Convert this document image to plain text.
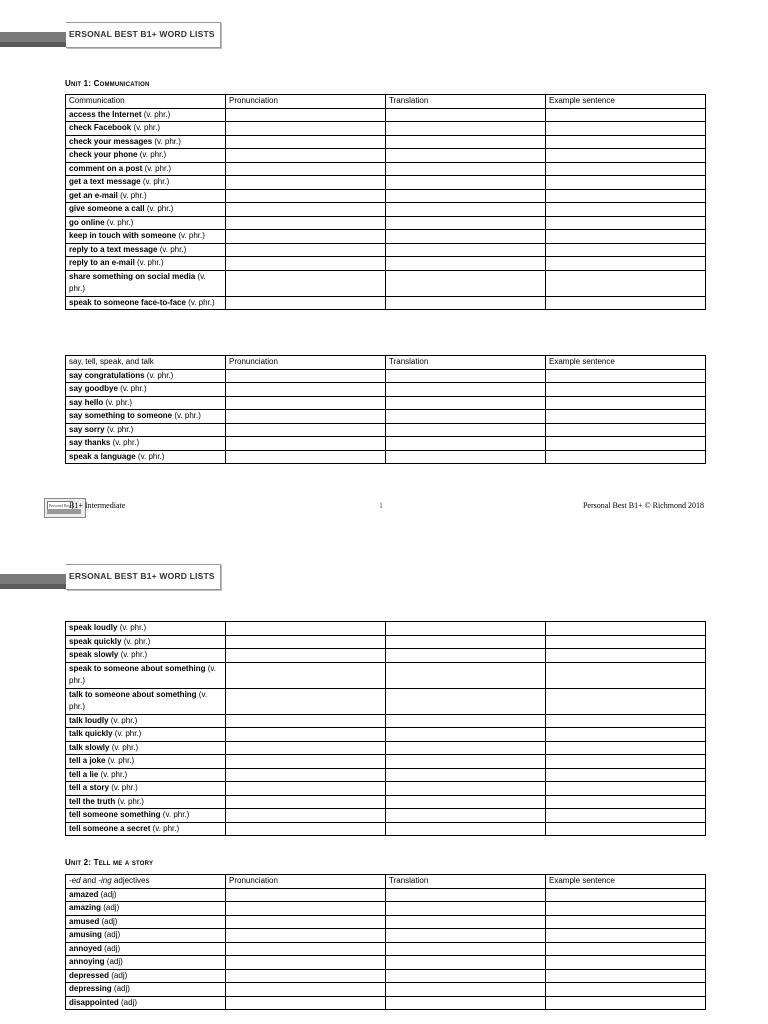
ERSONAL BEST B1+ WORD LISTS
Unit 1: Communication
Communication	Pronunciation	Translation	Example sentence
access the Internet (v. phr.)			
check Facebook (v. phr.)			
check your messages (v. phr.)			
check your phone (v. phr.)			
comment on a post (v. phr.)			
get a text message (v. phr.)			
get an e-mail (v. phr.)			
give someone a call (v. phr.)			
go online (v. phr.)			
keep in touch with someone (v. phr.)			
reply to a text message (v. phr.)			
reply to an e-mail (v. phr.)			
share something on social media (v. phr.)			
speak to someone face-to-face (v. phr.)			
say, tell, speak, and talk	Pronunciation	Translation	Example sentence
say congratulations (v. phr.)			
say goodbye (v. phr.)			
say hello (v. phr.)			
say something to someone (v. phr.)			
say sorry (v. phr.)			
say thanks (v. phr.)			
speak a language (v. phr.)			
Personal Best
B1+ Intermediate	1	Personal Best B1+ © Richmond 2018
ERSONAL BEST B1+ WORD LISTS
speak loudly (v. phr.)			
speak quickly (v. phr.)			
speak slowly (v. phr.)			
speak to someone about something (v. phr.)			
talk to someone about something (v. phr.)			
talk loudly (v. phr.)			
talk quickly (v. phr.)			
talk slowly (v. phr.)			
tell a joke (v. phr.)			
tell a lie (v. phr.)			
tell a story (v. phr.)			
tell the truth (v. phr.)			
tell someone something (v. phr.)			
tell someone a secret (v. phr.)			
Unit 2: Tell me a story
-ed and -ing adjectives	Pronunciation	Translation	Example sentence
amazed (adj)			
amazing (adj)			
amused (adj)			
amusing (adj)			
annoyed (adj)			
annoying (adj)			
depressed (adj)			
depressing (adj)			
disappointed (adj)			
